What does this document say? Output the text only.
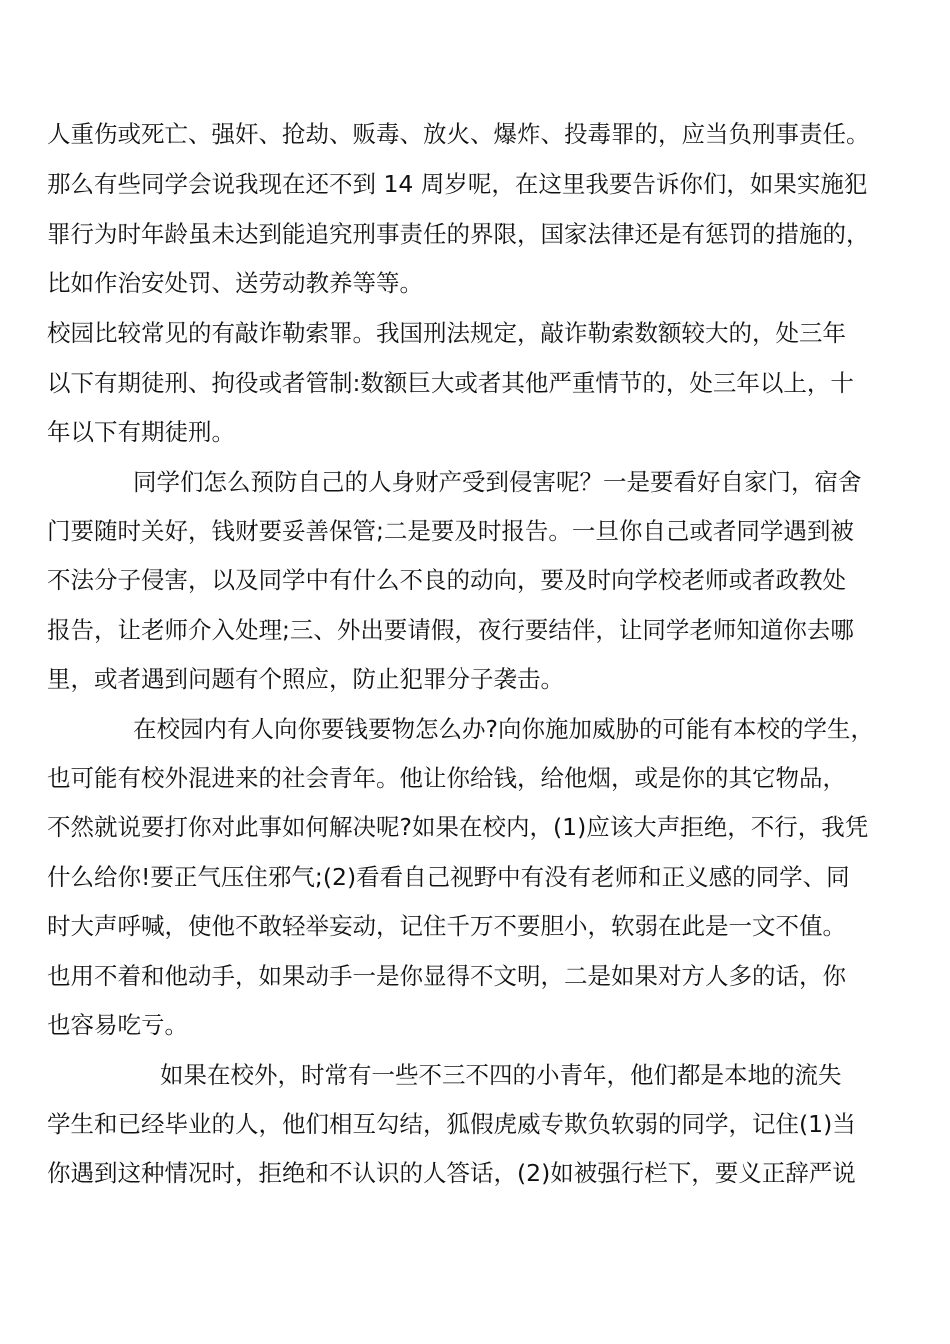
人重伤或死亡、强奸、抢劫、贩毒、放火、爆炸、投毒罪的，应当负刑事责任。
那么有些同学会说我现在还不到 14 周岁呢，在这里我要告诉你们，如果实施犯
罪行为时年龄虽未达到能追究刑事责任的界限，国家法律还是有惩罚的措施的，
比如作治安处罚、送劳动教养等等。
校园比较常见的有敲诈勒索罪。我国刑法规定，敲诈勒索数额较大的，处三年
以下有期徒刑、拘役或者管制:数额巨大或者其他严重情节的，处三年以上，十
年以下有期徒刑。
同学们怎么预防自己的人身财产受到侵害呢？一是要看好自家门，宿舍
门要随时关好，钱财要妥善保管;二是要及时报告。一旦你自己或者同学遇到被
不法分子侵害，以及同学中有什么不良的动向，要及时向学校老师或者政教处
报告，让老师介入处理;三、外出要请假，夜行要结伴，让同学老师知道你去哪
里，或者遇到问题有个照应，防止犯罪分子袭击。
在校园内有人向你要钱要物怎么办?向你施加威胁的可能有本校的学生，
也可能有校外混进来的社会青年。他让你给钱，给他烟，或是你的其它物品，
不然就说要打你对此事如何解决呢?如果在校内，(1)应该大声拒绝，不行，我凭
什么给你!要正气压住邪气;(2)看看自己视野中有没有老师和正义感的同学、同
时大声呼喊，使他不敢轻举妄动，记住千万不要胆小，软弱在此是一文不值。
也用不着和他动手，如果动手一是你显得不文明，二是如果对方人多的话，你
也容易吃亏。
如果在校外，时常有一些不三不四的小青年，他们都是本地的流失
学生和已经毕业的人，他们相互勾结，狐假虎威专欺负软弱的同学，记住(1)当
你遇到这种情况时，拒绝和不认识的人答话，(2)如被强行栏下，要义正辞严说
